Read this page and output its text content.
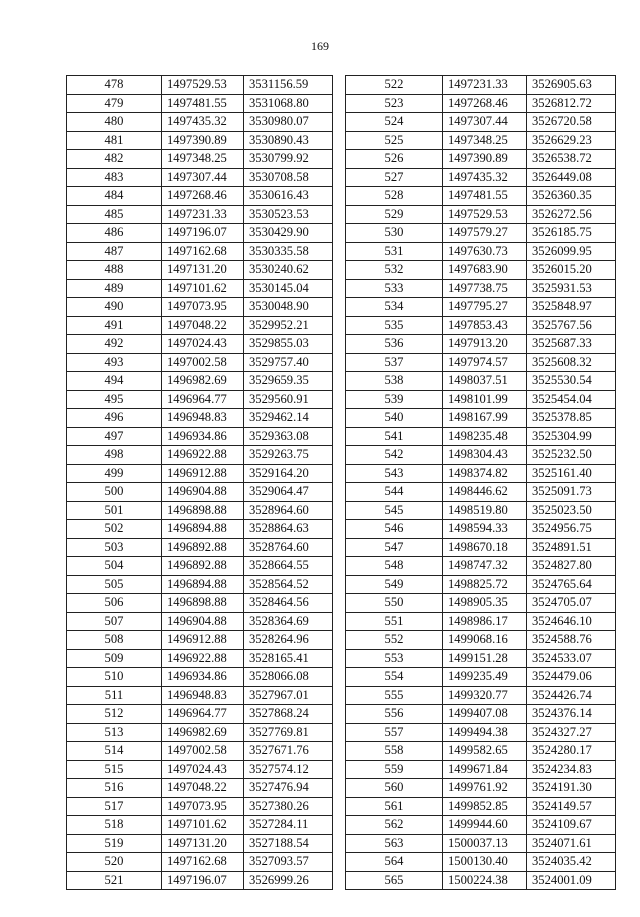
169
478	1497529.53	3531156.59
479	1497481.55	3531068.80
480	1497435.32	3530980.07
481	1497390.89	3530890.43
482	1497348.25	3530799.92
483	1497307.44	3530708.58
484	1497268.46	3530616.43
485	1497231.33	3530523.53
486	1497196.07	3530429.90
487	1497162.68	3530335.58
488	1497131.20	3530240.62
489	1497101.62	3530145.04
490	1497073.95	3530048.90
491	1497048.22	3529952.21
492	1497024.43	3529855.03
493	1497002.58	3529757.40
494	1496982.69	3529659.35
495	1496964.77	3529560.91
496	1496948.83	3529462.14
497	1496934.86	3529363.08
498	1496922.88	3529263.75
499	1496912.88	3529164.20
500	1496904.88	3529064.47
501	1496898.88	3528964.60
502	1496894.88	3528864.63
503	1496892.88	3528764.60
504	1496892.88	3528664.55
505	1496894.88	3528564.52
506	1496898.88	3528464.56
507	1496904.88	3528364.69
508	1496912.88	3528264.96
509	1496922.88	3528165.41
510	1496934.86	3528066.08
511	1496948.83	3527967.01
512	1496964.77	3527868.24
513	1496982.69	3527769.81
514	1497002.58	3527671.76
515	1497024.43	3527574.12
516	1497048.22	3527476.94
517	1497073.95	3527380.26
518	1497101.62	3527284.11
519	1497131.20	3527188.54
520	1497162.68	3527093.57
521	1497196.07	3526999.26
522	1497231.33	3526905.63
523	1497268.46	3526812.72
524	1497307.44	3526720.58
525	1497348.25	3526629.23
526	1497390.89	3526538.72
527	1497435.32	3526449.08
528	1497481.55	3526360.35
529	1497529.53	3526272.56
530	1497579.27	3526185.75
531	1497630.73	3526099.95
532	1497683.90	3526015.20
533	1497738.75	3525931.53
534	1497795.27	3525848.97
535	1497853.43	3525767.56
536	1497913.20	3525687.33
537	1497974.57	3525608.32
538	1498037.51	3525530.54
539	1498101.99	3525454.04
540	1498167.99	3525378.85
541	1498235.48	3525304.99
542	1498304.43	3525232.50
543	1498374.82	3525161.40
544	1498446.62	3525091.73
545	1498519.80	3525023.50
546	1498594.33	3524956.75
547	1498670.18	3524891.51
548	1498747.32	3524827.80
549	1498825.72	3524765.64
550	1498905.35	3524705.07
551	1498986.17	3524646.10
552	1499068.16	3524588.76
553	1499151.28	3524533.07
554	1499235.49	3524479.06
555	1499320.77	3524426.74
556	1499407.08	3524376.14
557	1499494.38	3524327.27
558	1499582.65	3524280.17
559	1499671.84	3524234.83
560	1499761.92	3524191.30
561	1499852.85	3524149.57
562	1499944.60	3524109.67
563	1500037.13	3524071.61
564	1500130.40	3524035.42
565	1500224.38	3524001.09
